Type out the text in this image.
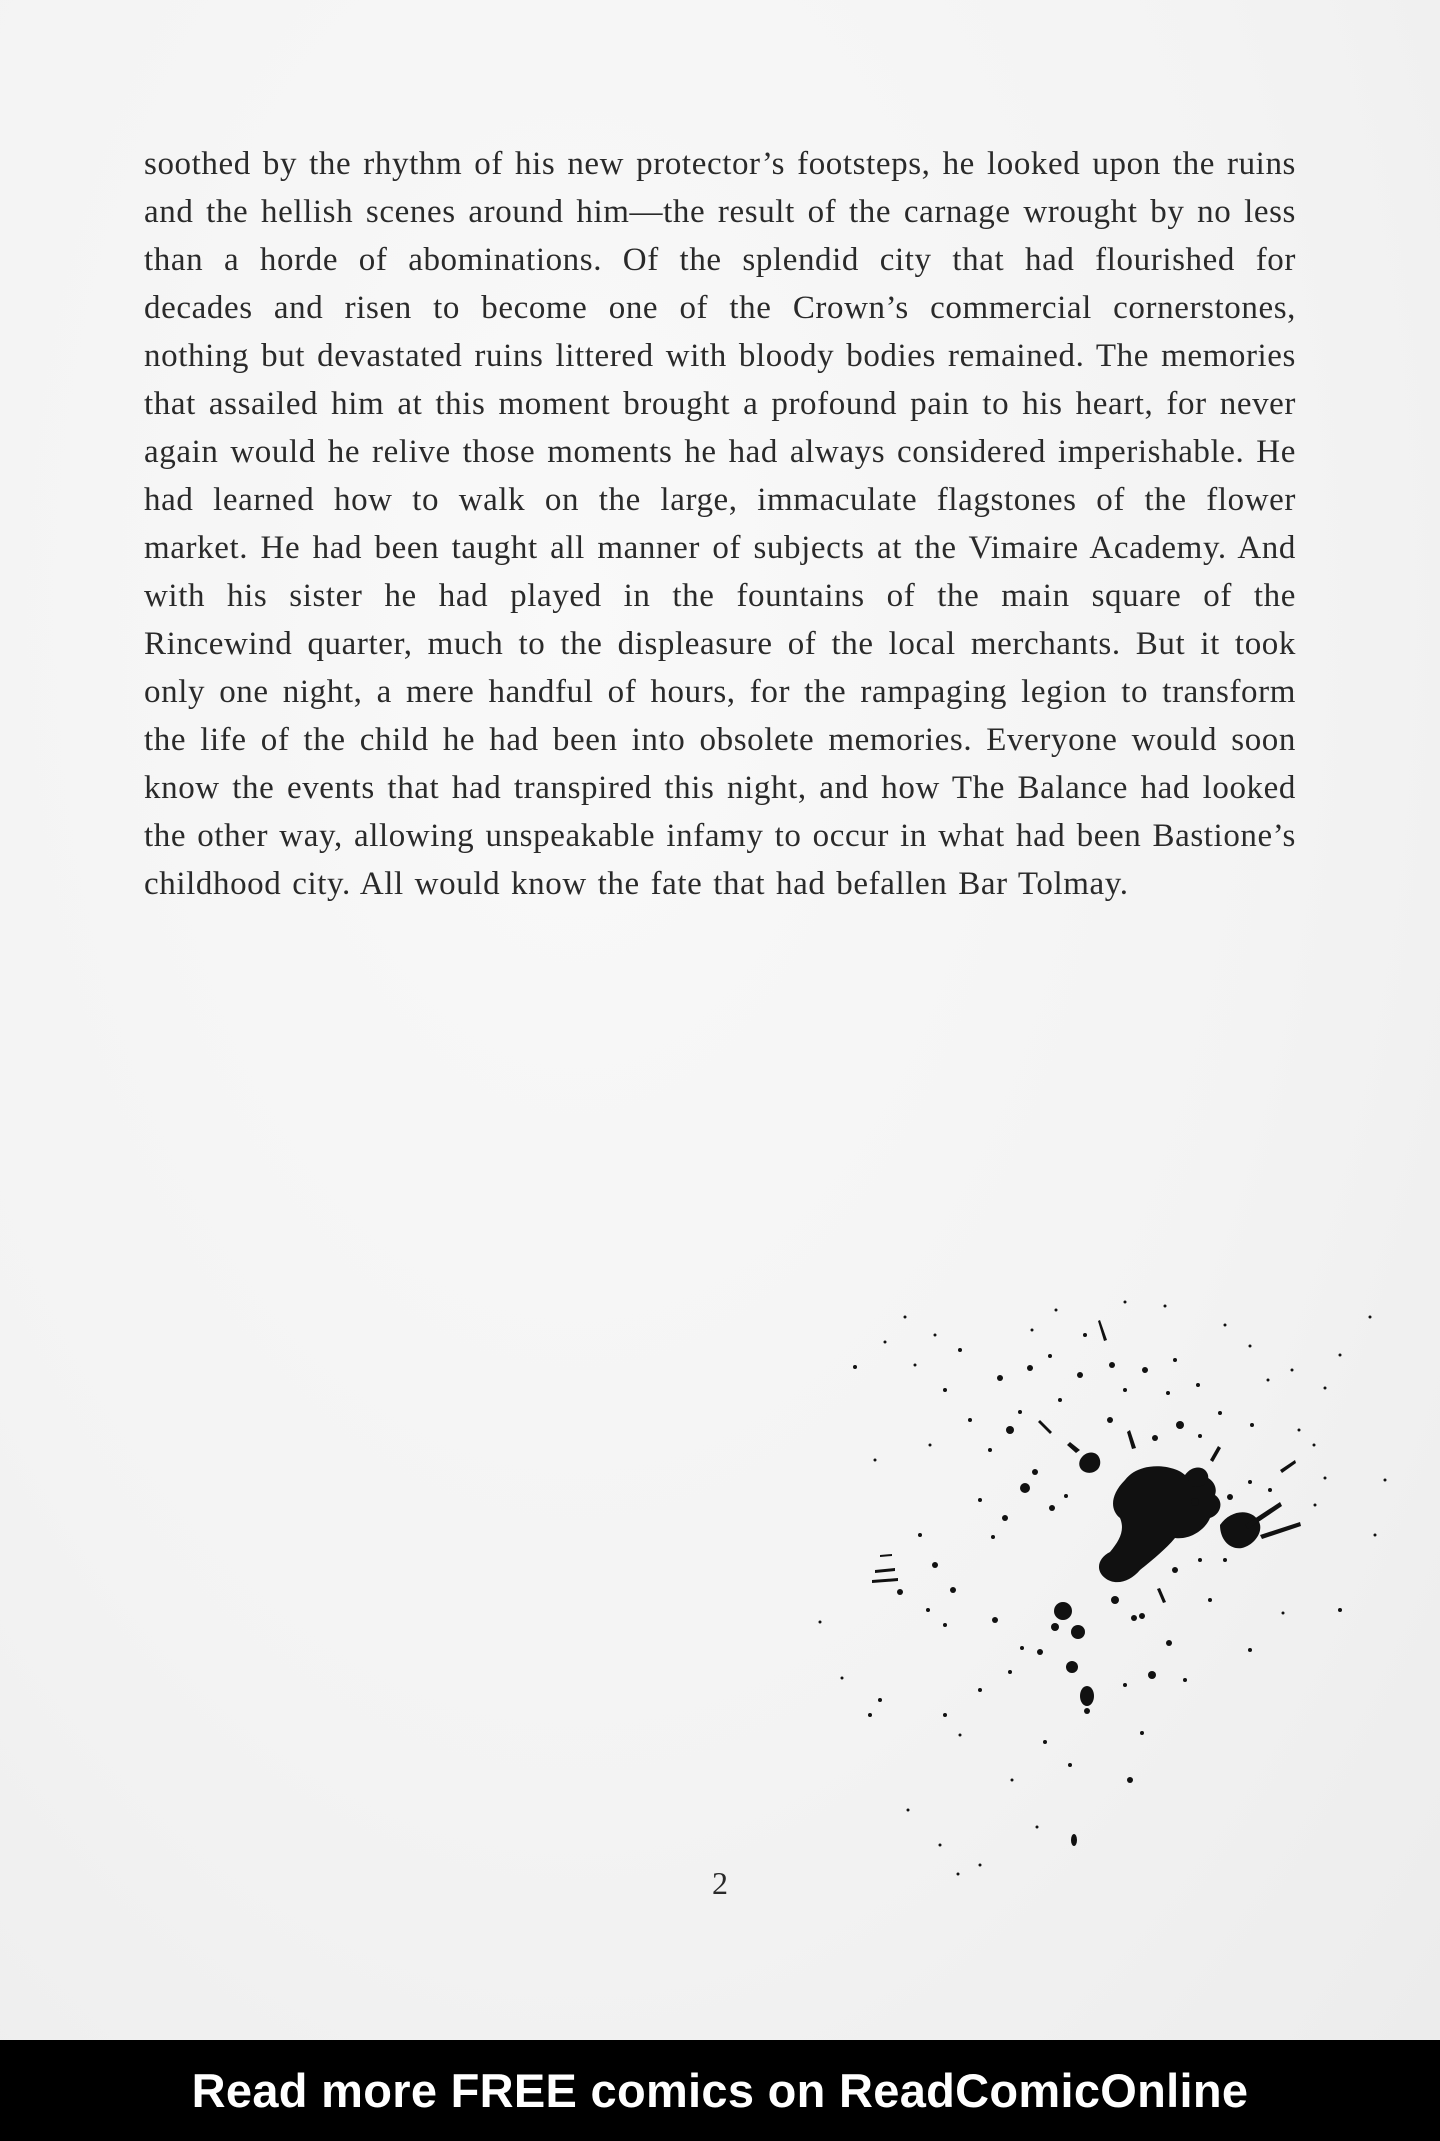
soothed by the rhythm of his new protector’s footsteps, he looked upon the ruins and the hellish scenes around him—the result of the carnage wrought by no less than a horde of abominations. Of the splendid city that had flourished for decades and risen to become one of the Crown’s commercial cornerstones, nothing but devastated ruins littered with bloody bodies remained. The memories that assailed him at this moment brought a profound pain to his heart, for never again would he relive those moments he had always considered imperishable. He had learned how to walk on the large, immaculate flagstones of the flower market. He had been taught all manner of subjects at the Vimaire Academy. And with his sister he had played in the fountains of the main square of the Rincewind quarter, much to the displeasure of the local merchants. But it took only one night, a mere handful of hours, for the rampaging legion to transform the life of the child he had been into obsolete memories. Everyone would soon know the events that had transpired this night, and how The Balance had looked the other way, allowing unspeakable infamy to occur in what had been Bastione’s childhood city. All would know the fate that had befallen Bar Tolmay.

2
Read more FREE comics on ReadComicOnline
